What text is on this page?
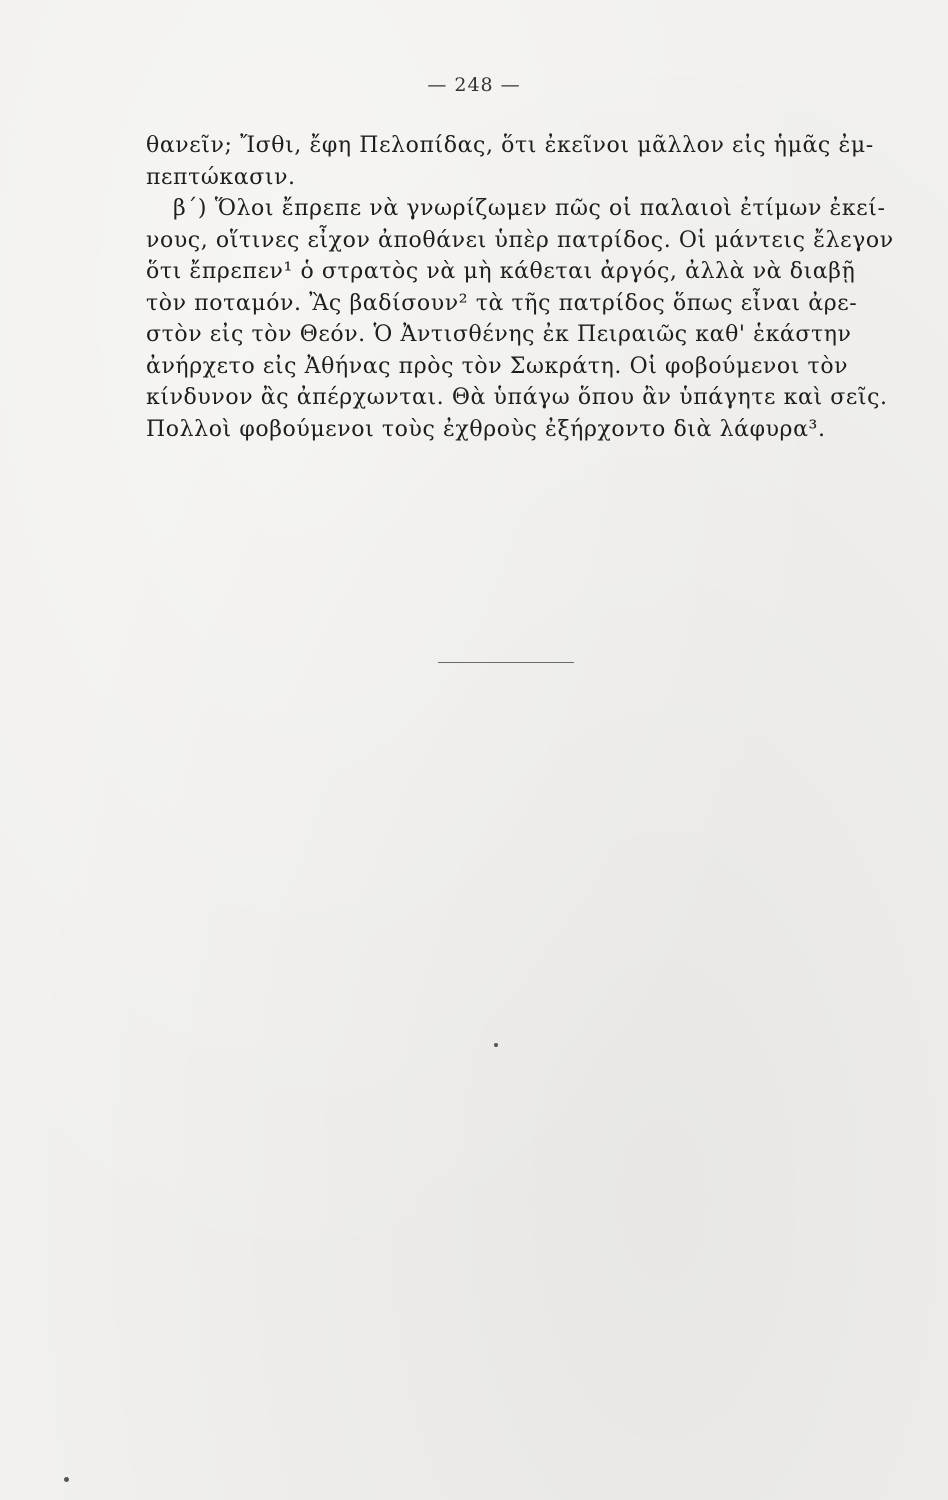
— 248 —
θανεῖν; Ἴσθι, ἔφη Πελοπίδας, ὅτι ἐκεῖνοι μᾶλλον εἰς ἡμᾶς ἐμ-
πεπτώκασιν.
β΄) Ὅλοι ἔπρεπε νὰ γνωρίζωμεν πῶς οἱ παλαιοὶ ἐτίμων ἐκεί-
νους, οἵτινες εἶχον ἀποθάνει ὑπὲρ πατρίδος. Οἱ μάντεις ἔλεγον
ὅτι ἔπρεπεν¹ ὁ στρατὸς νὰ μὴ κάθεται ἀργός, ἀλλὰ νὰ διαβῇ
τὸν ποταμόν. Ἂς βαδίσουν² τὰ τῆς πατρίδος ὅπως εἶναι ἀρε-
στὸν εἰς τὸν Θεόν. Ὁ Ἀντισθένης ἐκ Πειραιῶς καθ' ἑκάστην
ἀνήρχετο εἰς Ἀθήνας πρὸς τὸν Σωκράτη. Οἱ φοβούμενοι τὸν
κίνδυνον ἂς ἀπέρχωνται. Θὰ ὑπάγω ὅπου ἂν ὑπάγητε καὶ σεῖς.
Πολλοὶ φοβούμενοι τοὺς ἐχθροὺς ἐξήρχοντο διὰ λάφυρα³.
